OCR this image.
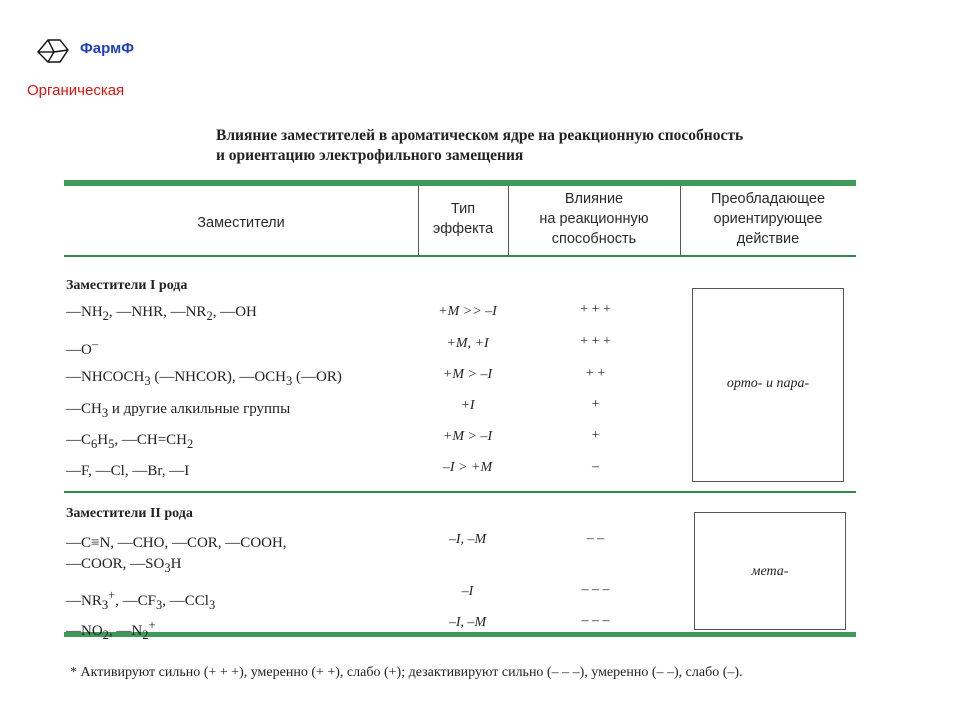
ФармФ
Органическая
Влияние заместителей в ароматическом ядре на реакционную способность
и ориентацию электрофильного замещения
Заместители
Тип
эффекта
Влияние
на реакционную
способность
Преобладающее
ориентирующее
действие
Заместители I рода
$—NH_2$, —NHR, $—NR_2$, —OH
—O–
$—NHCOCH_3$ (—NHCOR), $—OCH_3$ (—OR)
$—CH_3$ и другие алкильные группы
$—C_6H_5$, $—CH=CH_2$
—F, —Cl, —Br, —I
+M >> –I
+M, +I
+M > –I
+I
+M > –I
–I > +M
+ + +
+ + +
+ +
+
+
–
орто- и пара-
Заместители II рода
—C≡N, —CHO, —COR, —COOH,
—COOR, $—SO_3H$
$—NR_3^+$, $—CF_3$, —CCl$_3$
$—NO_2$, $—N_2^+$
–I, –M
–I
–I, –M
– –
– – –
– – –
мета-
* Активируют сильно (+ + +), умеренно (+ +), слабо (+); дезактивируют сильно (– – –), умеренно (– –), слабо (–).
